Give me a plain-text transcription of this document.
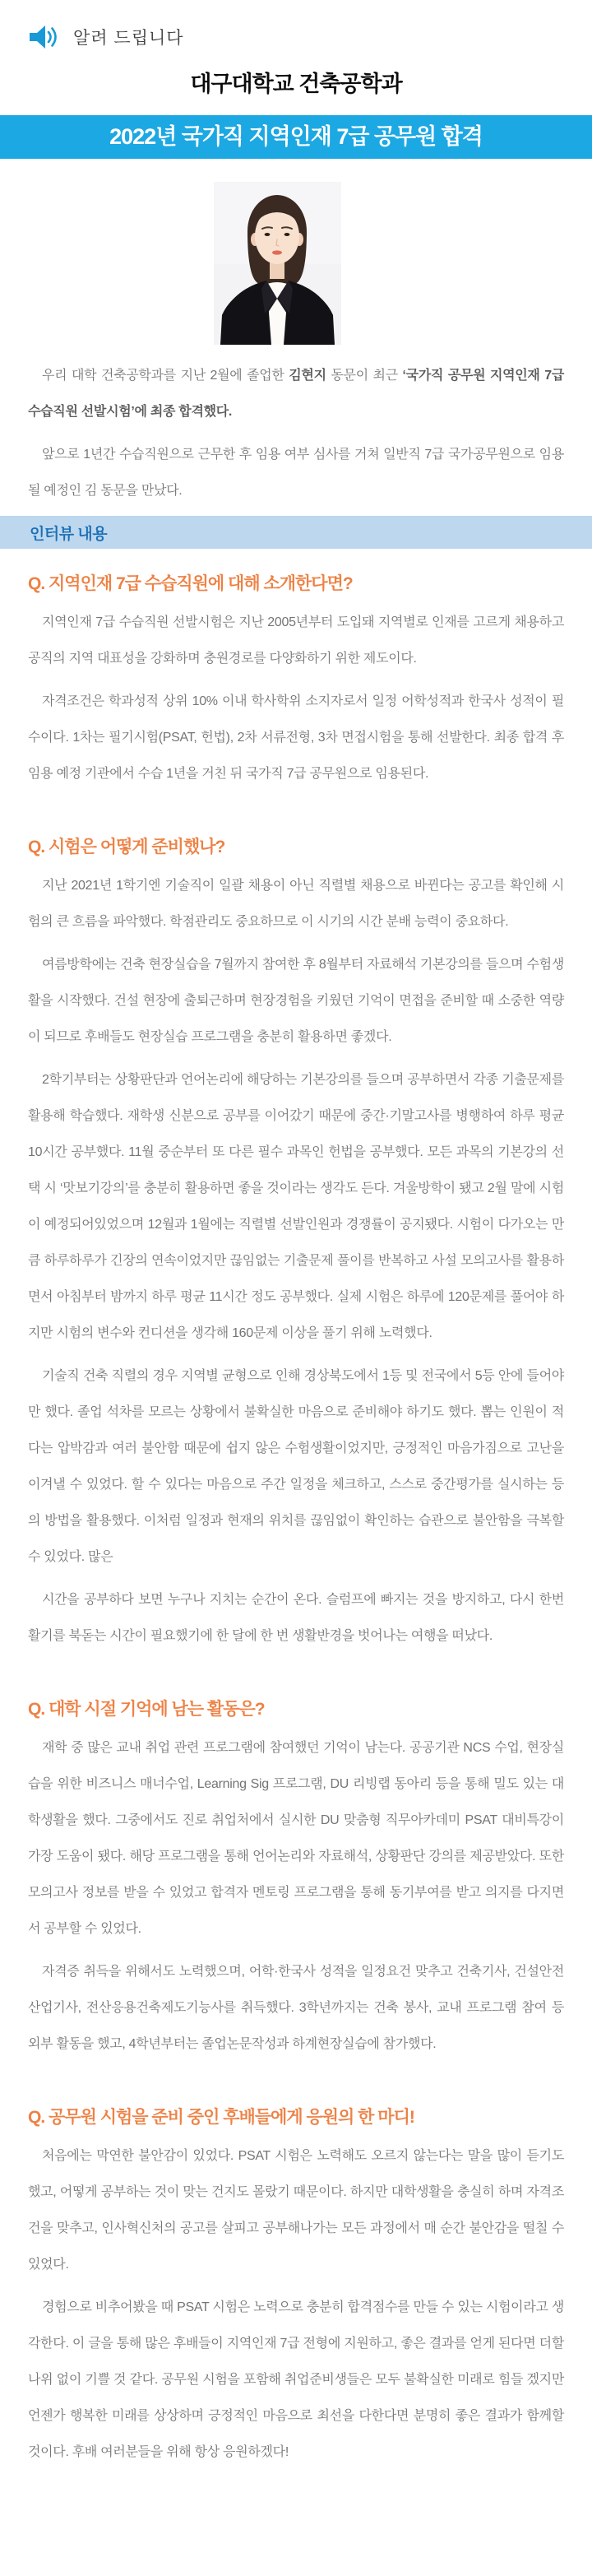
알려 드립니다
대구대학교 건축공학과
2022년 국가직 지역인재 7급 공무원 합격

우리 대학 건축공학과를 지난 2월에 졸업한 김현지 동문이 최근 ‘국가직 공무원 지역인재 7급 수습직원 선발시험’에 최종 합격했다.

앞으로 1년간 수습직원으로 근무한 후 임용 여부 심사를 거쳐 일반직 7급 국가공무원으로 임용될 예정인 김 동문을 만났다.

인터뷰 내용
Q. 지역인재 7급 수습직원에 대해 소개한다면?

지역인재 7급 수습직원 선발시험은 지난 2005년부터 도입돼 지역별로 인재를 고르게 채용하고 공직의 지역 대표성을 강화하며 충원경로를 다양화하기 위한 제도이다.

자격조건은 학과성적 상위 10% 이내 학사학위 소지자로서 일정 어학성적과 한국사 성적이 필수이다. 1차는 필기시험(PSAT, 헌법), 2차 서류전형, 3차 면접시험을 통해 선발한다. 최종 합격 후 임용 예정 기관에서 수습 1년을 거친 뒤 국가직 7급 공무원으로 임용된다.

Q. 시험은 어떻게 준비했나?

지난 2021년 1학기엔 기술직이 일괄 채용이 아닌 직렬별 채용으로 바뀐다는 공고를 확인해 시험의 큰 흐름을 파악했다. 학점관리도 중요하므로 이 시기의 시간 분배 능력이 중요하다.

여름방학에는 건축 현장실습을 7월까지 참여한 후 8월부터 자료해석 기본강의를 들으며 수험생활을 시작했다. 건설 현장에 출퇴근하며 현장경험을 키웠던 기억이 면접을 준비할 때 소중한 역량이 되므로 후배들도 현장실습 프로그램을 충분히 활용하면 좋겠다.

2학기부터는 상황판단과 언어논리에 해당하는 기본강의를 들으며 공부하면서 각종 기출문제를 활용해 학습했다. 재학생 신분으로 공부를 이어갔기 때문에 중간·기말고사를 병행하여 하루 평균 10시간 공부했다. 11월 중순부터 또 다른 필수 과목인 헌법을 공부했다. 모든 과목의 기본강의 선택 시 ‘맛보기강의’를 충분히 활용하면 좋을 것이라는 생각도 든다. 겨울방학이 됐고 2월 말에 시험이 예정되어있었으며 12월과 1월에는 직렬별 선발인원과 경쟁률이 공지됐다. 시험이 다가오는 만큼 하루하루가 긴장의 연속이었지만 끊임없는 기출문제 풀이를 반복하고 사설 모의고사를 활용하면서 아침부터 밤까지 하루 평균 11시간 정도 공부했다. 실제 시험은 하루에 120문제를 풀어야 하지만 시험의 변수와 컨디션을 생각해 160문제 이상을 풀기 위해 노력했다.

기술직 건축 직렬의 경우 지역별 균형으로 인해 경상북도에서 1등 및 전국에서 5등 안에 들어야만 했다. 졸업 석차를 모르는 상황에서 불확실한 마음으로 준비해야 하기도 했다. 뽑는 인원이 적다는 압박감과 여러 불안함 때문에 쉽지 않은 수험생활이었지만, 긍정적인 마음가짐으로 고난을 이겨낼 수 있었다. 할 수 있다는 마음으로 주간 일정을 체크하고, 스스로 중간평가를 실시하는 등의 방법을 활용했다. 이처럼 일정과 현재의 위치를 끊임없이 확인하는 습관으로 불안함을 극복할 수 있었다. 많은

시간을 공부하다 보면 누구나 지치는 순간이 온다. 슬럼프에 빠지는 것을 방지하고, 다시 한번 활기를 북돋는 시간이 필요했기에 한 달에 한 번 생활반경을 벗어나는 여행을 떠났다.

Q. 대학 시절 기억에 남는 활동은?

재학 중 많은 교내 취업 관련 프로그램에 참여했던 기억이 남는다. 공공기관 NCS 수업, 현장실습을 위한 비즈니스 매너수업, Learning Sig 프로그램, DU 리빙랩 동아리 등을 통해 밀도 있는 대학생활을 했다. 그중에서도 진로 취업처에서 실시한 DU 맞춤형 직무아카데미 PSAT 대비특강이 가장 도움이 됐다. 해당 프로그램을 통해 언어논리와 자료해석, 상황판단 강의를 제공받았다. 또한 모의고사 정보를 받을 수 있었고 합격자 멘토링 프로그램을 통해 동기부여를 받고 의지를 다지면서 공부할 수 있었다.

자격증 취득을 위해서도 노력했으며, 어학·한국사 성적을 일정요건 맞추고 건축기사, 건설안전산업기사, 전산응용건축제도기능사를 취득했다. 3학년까지는 건축 봉사, 교내 프로그램 참여 등 외부 활동을 했고, 4학년부터는 졸업논문작성과 하계현장실습에 참가했다.

Q. 공무원 시험을 준비 중인 후배들에게 응원의 한 마디!

처음에는 막연한 불안감이 있었다. PSAT 시험은 노력해도 오르지 않는다는 말을 많이 듣기도 했고, 어떻게 공부하는 것이 맞는 건지도 몰랐기 때문이다. 하지만 대학생활을 충실히 하며 자격조건을 맞추고, 인사혁신처의 공고를 살피고 공부해나가는 모든 과정에서 매 순간 불안감을 떨칠 수 있었다.

경험으로 비추어봤을 때 PSAT 시험은 노력으로 충분히 합격점수를 만들 수 있는 시험이라고 생각한다. 이 글을 통해 많은 후배들이 지역인재 7급 전형에 지원하고, 좋은 결과를 얻게 된다면 더할 나위 없이 기쁠 것 같다. 공무원 시험을 포함해 취업준비생들은 모두 불확실한 미래로 힘들 겠지만 언젠가 행복한 미래를 상상하며 긍정적인 마음으로 최선을 다한다면 분명히 좋은 결과가 함께할 것이다. 후배 여러분들을 위해 항상 응원하겠다!
